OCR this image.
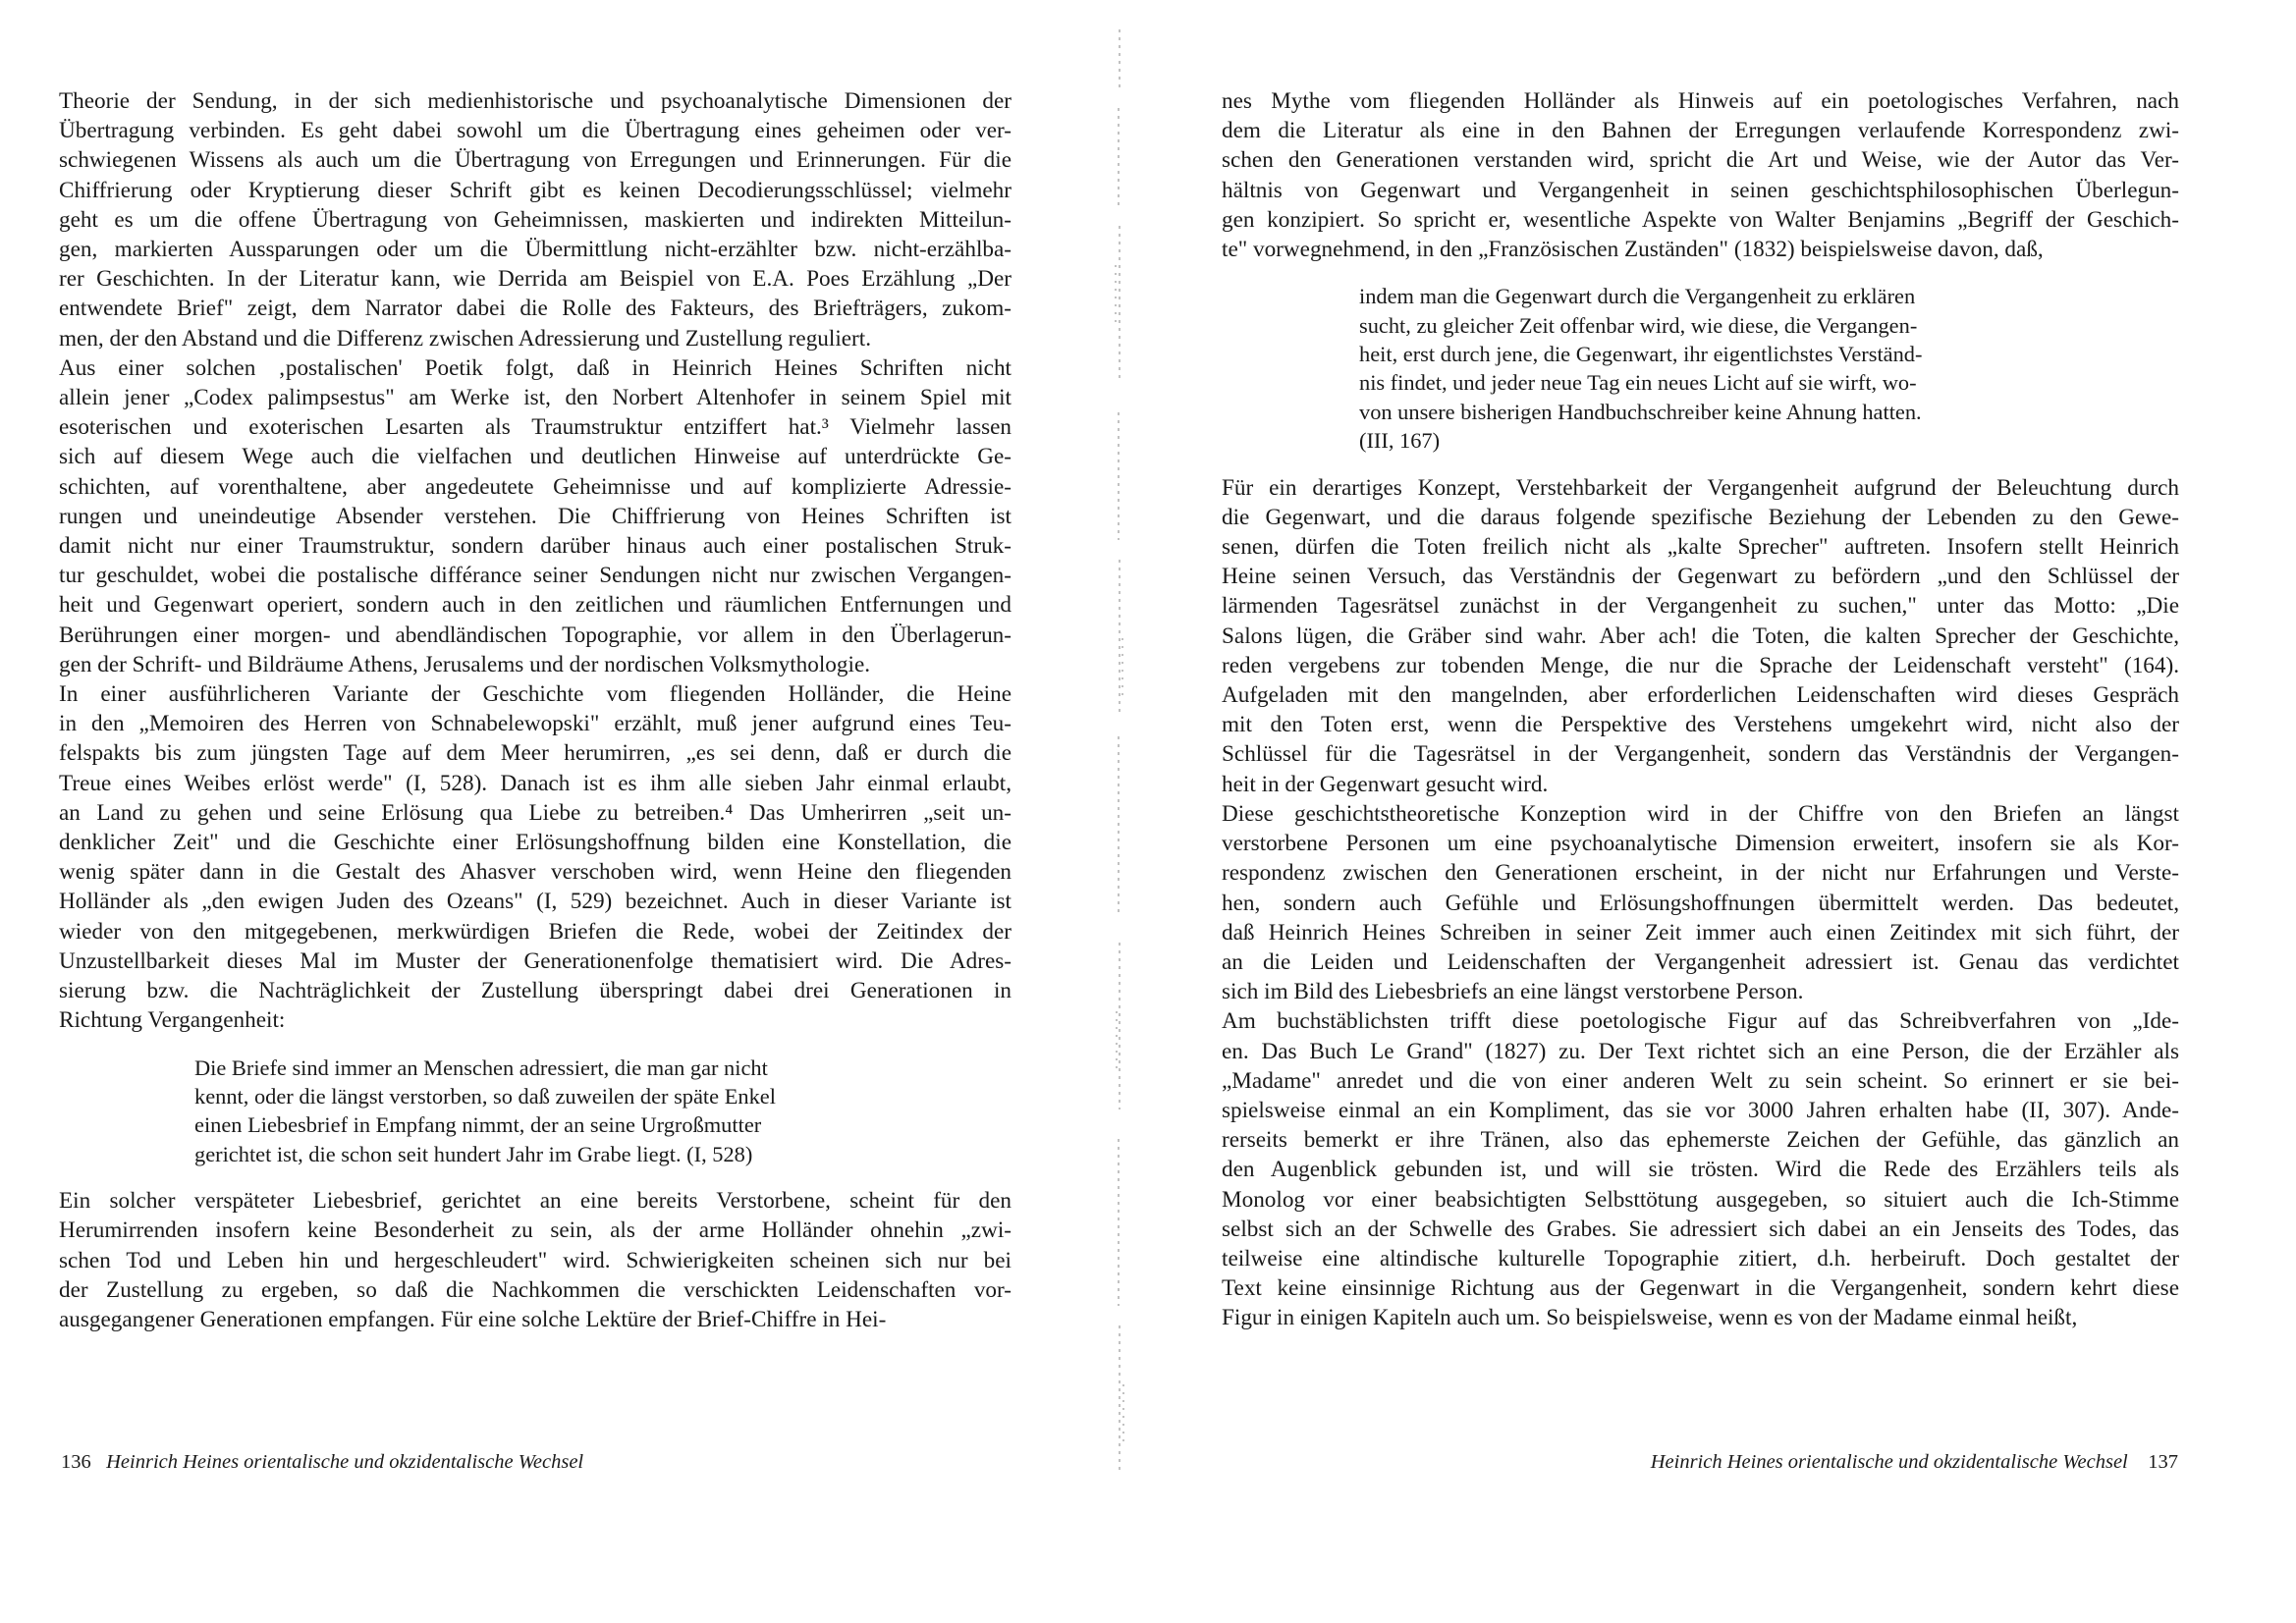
Theorie der Sendung, in der sich medienhistorische und psychoanalytische Dimensionen der
Übertragung verbinden. Es geht dabei sowohl um die Übertragung eines geheimen oder ver-
schwiegenen Wissens als auch um die Übertragung von Erregungen und Erinnerungen. Für die
Chiffrierung oder Kryptierung dieser Schrift gibt es keinen Decodierungsschlüssel; vielmehr
geht es um die offene Übertragung von Geheimnissen, maskierten und indirekten Mitteilun-
gen, markierten Aussparungen oder um die Übermittlung nicht-erzählter bzw. nicht-erzählba-
rer Geschichten. In der Literatur kann, wie Derrida am Beispiel von E.A. Poes Erzählung „Der
entwendete Brief" zeigt, dem Narrator dabei die Rolle des Fakteurs, des Briefträgers, zukom-
men, der den Abstand und die Differenz zwischen Adressierung und Zustellung reguliert.
Aus einer solchen ‚postalischen' Poetik folgt, daß in Heinrich Heines Schriften nicht
allein jener „Codex palimpsestus" am Werke ist, den Norbert Altenhofer in seinem Spiel mit
esoterischen und exoterischen Lesarten als Traumstruktur entziffert hat.³ Vielmehr lassen
sich auf diesem Wege auch die vielfachen und deutlichen Hinweise auf unterdrückte Ge-
schichten, auf vorenthaltene, aber angedeutete Geheimnisse und auf komplizierte Adressie-
rungen und uneindeutige Absender verstehen. Die Chiffrierung von Heines Schriften ist
damit nicht nur einer Traumstruktur, sondern darüber hinaus auch einer postalischen Struk-
tur geschuldet, wobei die postalische différance seiner Sendungen nicht nur zwischen Vergangen-
heit und Gegenwart operiert, sondern auch in den zeitlichen und räumlichen Entfernungen und
Berührungen einer morgen- und abendländischen Topographie, vor allem in den Überlagerun-
gen der Schrift- und Bildräume Athens, Jerusalems und der nordischen Volksmythologie.
In einer ausführlicheren Variante der Geschichte vom fliegenden Holländer, die Heine
in den „Memoiren des Herren von Schnabelewopski" erzählt, muß jener aufgrund eines Teu-
felspakts bis zum jüngsten Tage auf dem Meer herumirren, „es sei denn, daß er durch die
Treue eines Weibes erlöst werde" (I, 528). Danach ist es ihm alle sieben Jahr einmal erlaubt,
an Land zu gehen und seine Erlösung qua Liebe zu betreiben.⁴ Das Umherirren „seit un-
denklicher Zeit" und die Geschichte einer Erlösungshoffnung bilden eine Konstellation, die
wenig später dann in die Gestalt des Ahasver verschoben wird, wenn Heine den fliegenden
Holländer als „den ewigen Juden des Ozeans" (I, 529) bezeichnet. Auch in dieser Variante ist
wieder von den mitgegebenen, merkwürdigen Briefen die Rede, wobei der Zeitindex der
Unzustellbarkeit dieses Mal im Muster der Generationenfolge thematisiert wird. Die Adres-
sierung bzw. die Nachträglichkeit der Zustellung überspringt dabei drei Generationen in
Richtung Vergangenheit:
Die Briefe sind immer an Menschen adressiert, die man gar nicht
kennt, oder die längst verstorben, so daß zuweilen der späte Enkel
einen Liebesbrief in Empfang nimmt, der an seine Urgroßmutter
gerichtet ist, die schon seit hundert Jahr im Grabe liegt. (I, 528)
Ein solcher verspäteter Liebesbrief, gerichtet an eine bereits Verstorbene, scheint für den
Herumirrenden insofern keine Besonderheit zu sein, als der arme Holländer ohnehin „zwi-
schen Tod und Leben hin und hergeschleudert" wird. Schwierigkeiten scheinen sich nur bei
der Zustellung zu ergeben, so daß die Nachkommen die verschickten Leidenschaften vor-
ausgegangener Generationen empfangen. Für eine solche Lektüre der Brief-Chiffre in Hei-
nes Mythe vom fliegenden Holländer als Hinweis auf ein poetologisches Verfahren, nach
dem die Literatur als eine in den Bahnen der Erregungen verlaufende Korrespondenz zwi-
schen den Generationen verstanden wird, spricht die Art und Weise, wie der Autor das Ver-
hältnis von Gegenwart und Vergangenheit in seinen geschichtsphilosophischen Überlegun-
gen konzipiert. So spricht er, wesentliche Aspekte von Walter Benjamins „Begriff der Geschich-
te" vorwegnehmend, in den „Französischen Zuständen" (1832) beispielsweise davon, daß,
indem man die Gegenwart durch die Vergangenheit zu erklären
sucht, zu gleicher Zeit offenbar wird, wie diese, die Vergangen-
heit, erst durch jene, die Gegenwart, ihr eigentlichstes Verständ-
nis findet, und jeder neue Tag ein neues Licht auf sie wirft, wo-
von unsere bisherigen Handbuchschreiber keine Ahnung hatten.
(III, 167)
Für ein derartiges Konzept, Verstehbarkeit der Vergangenheit aufgrund der Beleuchtung durch
die Gegenwart, und die daraus folgende spezifische Beziehung der Lebenden zu den Gewe-
senen, dürfen die Toten freilich nicht als „kalte Sprecher" auftreten. Insofern stellt Heinrich
Heine seinen Versuch, das Verständnis der Gegenwart zu befördern „und den Schlüssel der
lärmenden Tagesrätsel zunächst in der Vergangenheit zu suchen," unter das Motto: „Die
Salons lügen, die Gräber sind wahr. Aber ach! die Toten, die kalten Sprecher der Geschichte,
reden vergebens zur tobenden Menge, die nur die Sprache der Leidenschaft versteht" (164).
Aufgeladen mit den mangelnden, aber erforderlichen Leidenschaften wird dieses Gespräch
mit den Toten erst, wenn die Perspektive des Verstehens umgekehrt wird, nicht also der
Schlüssel für die Tagesrätsel in der Vergangenheit, sondern das Verständnis der Vergangen-
heit in der Gegenwart gesucht wird.
Diese geschichtstheoretische Konzeption wird in der Chiffre von den Briefen an längst
verstorbene Personen um eine psychoanalytische Dimension erweitert, insofern sie als Kor-
respondenz zwischen den Generationen erscheint, in der nicht nur Erfahrungen und Verste-
hen, sondern auch Gefühle und Erlösungshoffnungen übermittelt werden. Das bedeutet,
daß Heinrich Heines Schreiben in seiner Zeit immer auch einen Zeitindex mit sich führt, der
an die Leiden und Leidenschaften der Vergangenheit adressiert ist. Genau das verdichtet
sich im Bild des Liebesbriefs an eine längst verstorbene Person.
Am buchstäblichsten trifft diese poetologische Figur auf das Schreibverfahren von „Ide-
en. Das Buch Le Grand" (1827) zu. Der Text richtet sich an eine Person, die der Erzähler als
„Madame" anredet und die von einer anderen Welt zu sein scheint. So erinnert er sie bei-
spielsweise einmal an ein Kompliment, das sie vor 3000 Jahren erhalten habe (II, 307). Ande-
rerseits bemerkt er ihre Tränen, also das ephemerste Zeichen der Gefühle, das gänzlich an
den Augenblick gebunden ist, und will sie trösten. Wird die Rede des Erzählers teils als
Monolog vor einer beabsichtigten Selbsttötung ausgegeben, so situiert auch die Ich-Stimme
selbst sich an der Schwelle des Grabes. Sie adressiert sich dabei an ein Jenseits des Todes, das
teilweise eine altindische kulturelle Topographie zitiert, d.h. herbeiruft. Doch gestaltet der
Text keine einsinnige Richtung aus der Gegenwart in die Vergangenheit, sondern kehrt diese
Figur in einigen Kapiteln auch um. So beispielsweise, wenn es von der Madame einmal heißt,
136 Heinrich Heines orientalische und okzidentalische Wechsel	Heinrich Heines orientalische und okzidentalische Wechsel 137
